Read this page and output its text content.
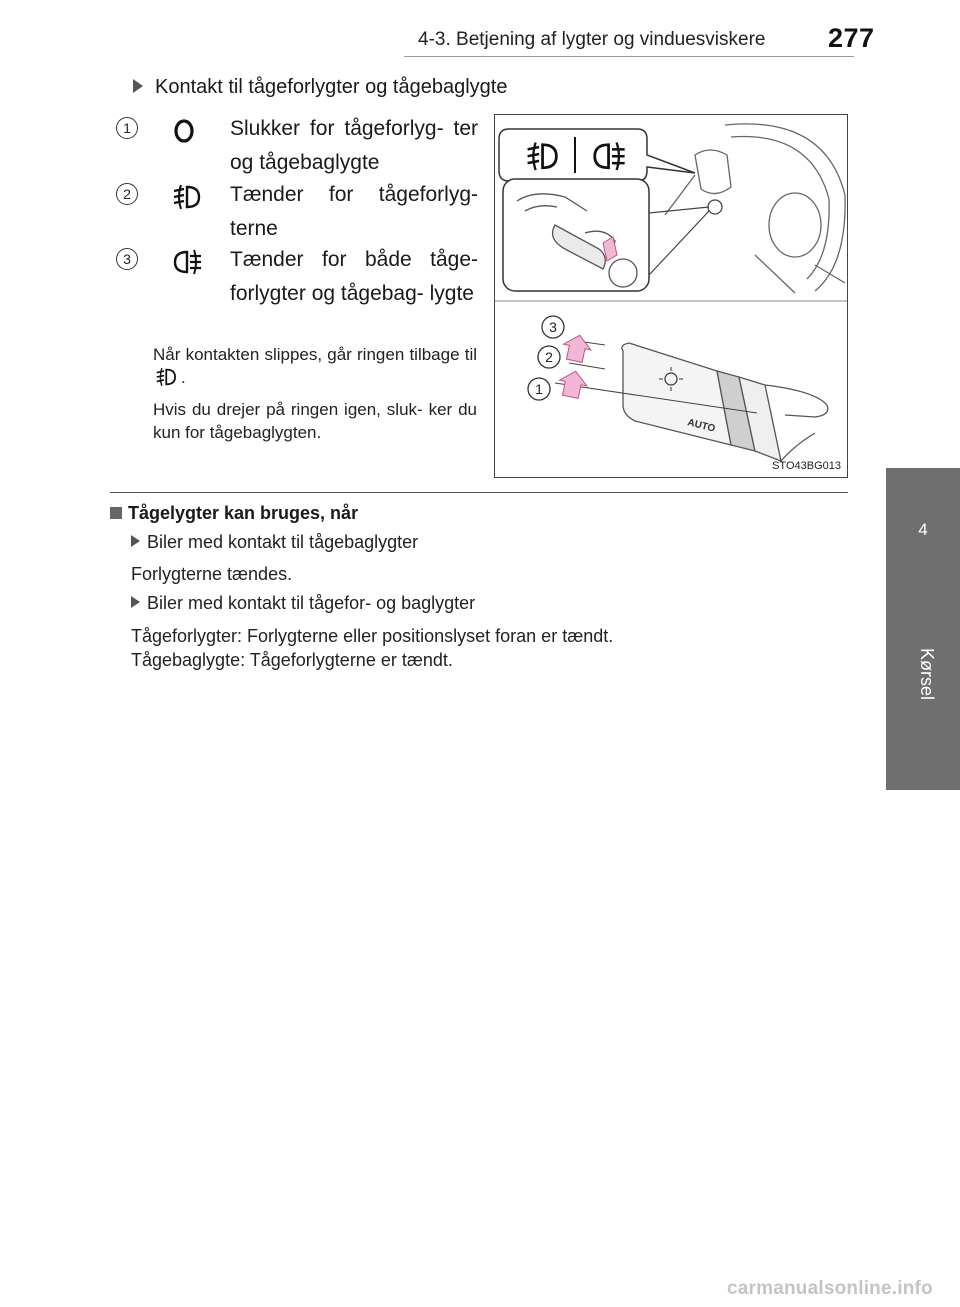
4-3. Betjening af lygter og vinduesviskere 277
4
Kørsel
Kontakt til tågeforlygter og tågebaglygte
1	Slukker for tågeforlyg- ter og tågebaglygte
2	Tænder for tågeforlyg- terne
3	Tænder for både tåge- forlygter og tågebag- lygte
Når kontakten slippes, går ringen tilbage til .
Hvis du drejer på ringen igen, sluk- ker du kun for tågebaglygten.	AUTO
3
2
1
STO43BG013
Tågelygter kan bruges, når
Biler med kontakt til tågebaglygter
Forlygterne tændes.
Biler med kontakt til tågefor- og baglygter
Tågeforlygter: Forlygterne eller positionslyset foran er tændt.
Tågebaglygte: Tågeforlygterne er tændt.
carmanualsonline.info
